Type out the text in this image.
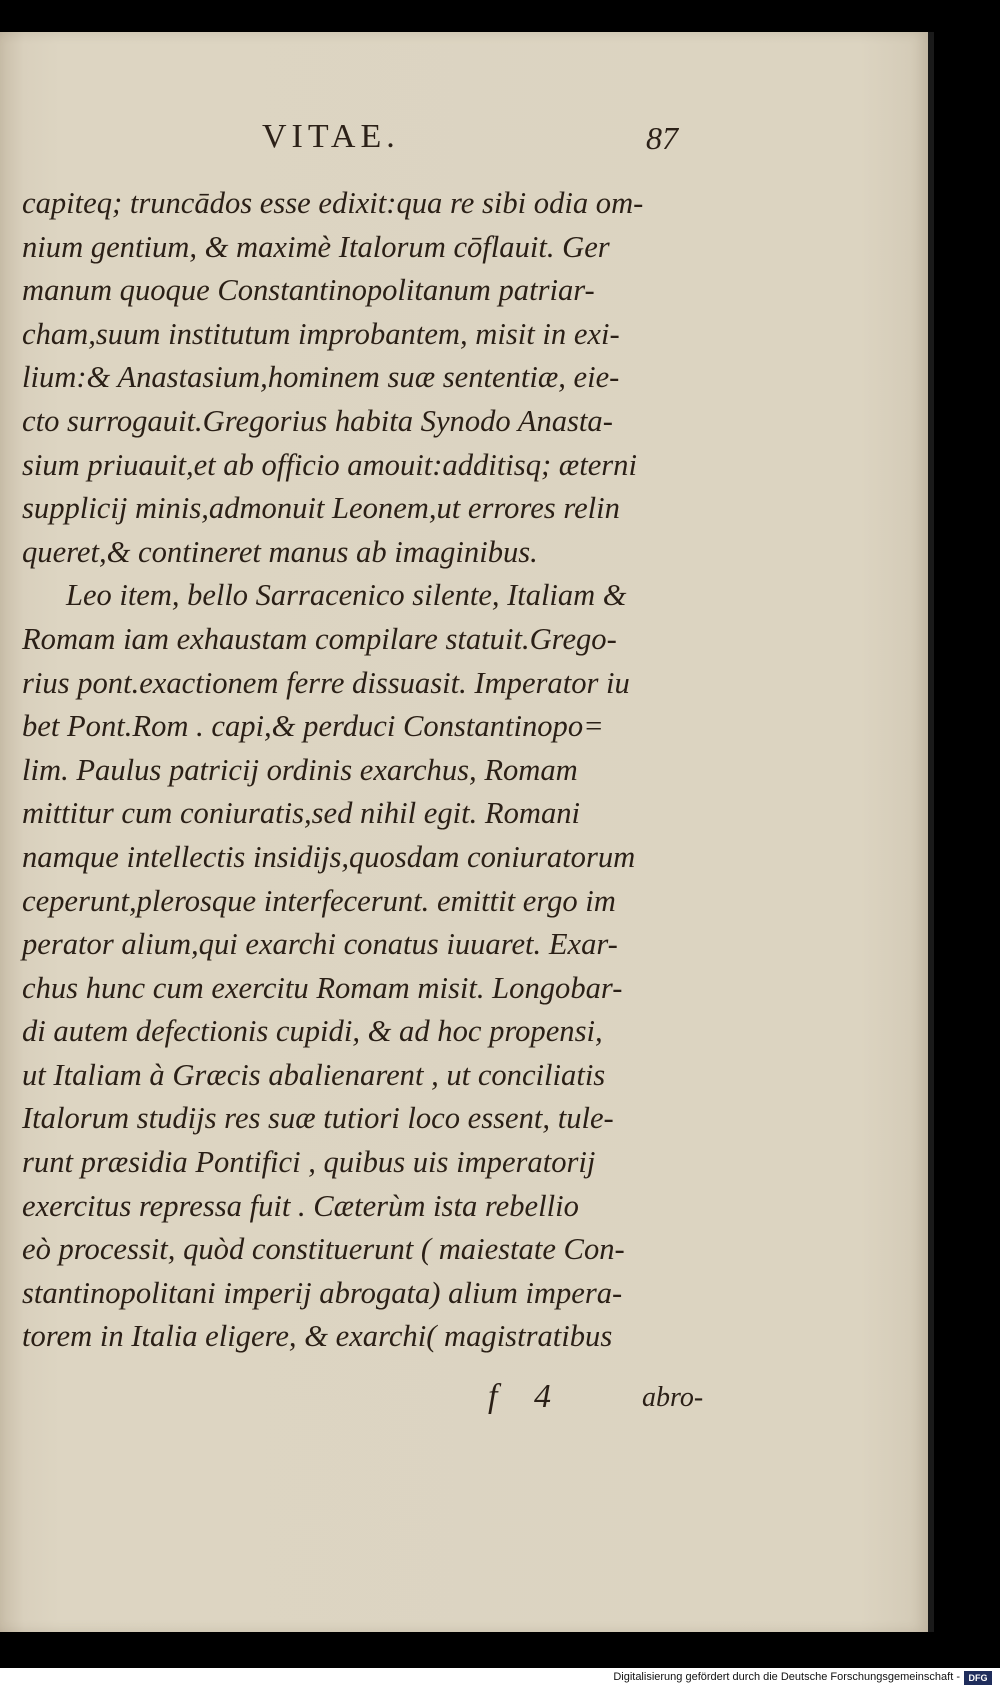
VITAE.	87
capiteq; truncādos esse edixit:qua re sibi odia om-
nium gentium, & maximè Italorum cōflauit. Ger
manum quoque Constantinopolitanum patriar-
cham,suum institutum improbantem, misit in exi-
lium:& Anastasium,hominem suæ sententiæ, eie-
cto surrogauit.Gregorius habita Synodo Anasta-
sium priuauit,et ab officio amouit:additisq; æterni
supplicij minis,admonuit Leonem,ut errores relin
queret,& contineret manus ab imaginibus.
Leo item, bello Sarracenico silente, Italiam &
Romam iam exhaustam compilare statuit.Grego-
rius pont.exactionem ferre dissuasit. Imperator iu
bet Pont.Rom . capi,& perduci Constantinopo=
lim. Paulus patricij ordinis exarchus, Romam
mittitur cum coniuratis,sed nihil egit. Romani
namque intellectis insidijs,quosdam coniuratorum
ceperunt,plerosque interfecerunt. emittit ergo im
perator alium,qui exarchi conatus iuuaret. Exar-
chus hunc cum exercitu Romam misit. Longobar-
di autem defectionis cupidi, & ad hoc propensi,
ut Italiam à Græcis abalienarent , ut conciliatis
Italorum studijs res suæ tutiori loco essent, tule-
runt præsidia Pontifici , quibus uis imperatorij
exercitus repressa fuit . Cæterùm ista rebellio
eò processit, quòd constituerunt ( maiestate Con-
stantinopolitani imperij abrogata) alium impera-
torem in Italia eligere, & exarchi( magistratibus
f 4	abro-
Digitalisierung gefördert durch die Deutsche Forschungsgemeinschaft - DFG
